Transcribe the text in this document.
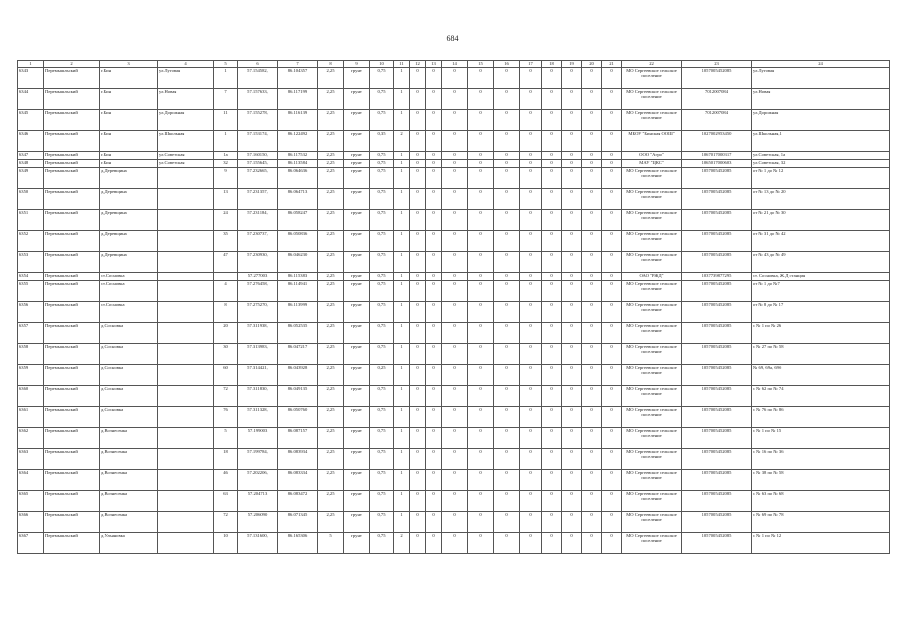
684
1	2	3	4	5	6	7	8	9	10	11	12	13	14	15	16	17	18	19	20	21	22	23	24
6343	Перемышльский	г.Бин	ул.Луговая	1	57.154582,	86.104357	2,25	грунт	0,75	1	0	0	0	0	0	0	0	0	0	0	МО Сергеевское сельское поселение	1057005452085	ул.Луговая
6344	Перемышльский	г.Бин	ул.Новая	7	57.157633,	86.117199	2,25	грунт	0,75	1	0	0	0	0	0	0	0	0	0	0	МО Сергеевское сельское поселение	7012007084	ул.Новая
6345	Перемышльский	г.Бин	ул.Дорожная	11	57.155278,	86.116139	2,25	грунт	0,75	1	0	0	0	0	0	0	0	0	0	0	МО Сергеевское сельское поселение	7012007084	ул.Дорожная
6346	Перемышльский	г.Бин	ул.Школьная	1	57.153174,	86.122492	2,25	грунт	0,35	2	0	0	0	0	0	0	0	0	0	0	МБОУ "Бинская ООШ"	1027002953450	ул.Школьная,1
6347	Перемышльский	г.Бин	ул.Советская	1а	57.160150,	86.117532	2,25	грунт	0,75	1	0	0	0	0	0	0	0	0	0	0	ООО "Агро"	1067017000317	ул.Советская, 1а
6348	Перемышльский	г.Бин	ул.Советская	32	57.155645,	86.113584	2,25	грунт	0,75	1	0	0	0	0	0	0	0	0	0	0	МАУ "ЦКС"	1065017000603	ул.Советская, 32
6349	Перемышльский	д.Деревщина		9	57.232665,	86.064636	2,25	грунт	0,75	1	0	0	0	0	0	0	0	0	0	0	МО Сергеевское сельское поселение	1057005452085	от № 1 до № 12
6350	Перемышльский	д.Деревщина		13	57.231357,	86.064713	2,25	грунт	0,75	1	0	0	0	0	0	0	0	0	0	0	МО Сергеевское сельское поселение	1057005452085	от № 13 до № 20
6351	Перемышльский	д.Деревщина		24	57.231184,	86.058247	2,25	грунт	0,75	1	0	0	0	0	0	0	0	0	0	0	МО Сергеевское сельское поселение	1057005452085	от № 21 до № 30
6352	Перемышльский	д.Деревщина		35	57.230737,	86.050836	2,25	грунт	0,75	1	0	0	0	0	0	0	0	0	0	0	МО Сергеевское сельское поселение	1057005452085	от № 31 до № 42
6353	Перемышльский	д.Деревщина		47	57.230930,	86.046230	2,25	грунт	0,75	1	0	0	0	0	0	0	0	0	0	0	МО Сергеевское сельское поселение	1057005452085	от № 43 до № 49
6354	Перемышльский	ст.Сосновка			57.277003	86.115383	2,25	грунт	0,75	1	0	0	0	0	0	0	0	0	0	0	ОАО "РЖД"	1037739877295	ст. Сосновка, Ж.Д станция
6355	Перемышльский	ст.Сосновка		4	57.276458,	86.114941	2,25	грунт	0,75	1	0	0	0	0	0	0	0	0	0	0	МО Сергеевское сельское поселение	1057005452085	от № 1 до №7
6356	Перемышльский	ст.Сосновка		8	57.275270,	86.113999	2,25	грунт	0,75	1	0	0	0	0	0	0	0	0	0	0	МО Сергеевское сельское поселение	1057005452085	от № 8 до № 17
6357	Перемышльский	д.Сосновка		20	57.311938,	86.052535	2,25	грунт	0,75	1	0	0	0	0	0	0	0	0	0	0	МО Сергеевское сельское поселение	1057005452085	с № 1 по № 26
6358	Перемышльский	д.Сосновка		30	57.313983,	86.047217	2,25	грунт	0,75	1	0	0	0	0	0	0	0	0	0	0	МО Сергеевское сельское поселение	1057005452085	с № 27 по № 58
6359	Перемышльский	д.Сосновка		60	57.314421,	86.043928	2,25	грунт	0,25	1	0	0	0	0	0	0	0	0	0	0	МО Сергеевское сельское поселение	1057005452085	№ 69, 69а, 69б
6360	Перемышльский	д.Сосновка		72	57.311830,	86.049135	2,25	грунт	0,75	1	0	0	0	0	0	0	0	0	0	0	МО Сергеевское сельское поселение	1057005452085	с № 62 по № 74
6361	Перемышльский	д.Сосновка		76	57.311328,	86.050760	2,25	грунт	0,75	1	0	0	0	0	0	0	0	0	0	0	МО Сергеевское сельское поселение	1057005452085	с № 76 по № 86
6362	Перемышльский	д.Вознесенка		5	57.199003	86.087157	2,25	грунт	0,75	1	0	0	0	0	0	0	0	0	0	0	МО Сергеевское сельское поселение	1057005452085	с № 1 по № 15
6363	Перемышльский	д.Вознесенка		18	57.199784,	86.083934	2,25	грунт	0,75	1	0	0	0	0	0	0	0	0	0	0	МО Сергеевское сельское поселение	1057005452085	с № 16 по № 36
6364	Перемышльский	д.Вознесенка		46	57.202206,	86.083334	2,25	грунт	0,75	1	0	0	0	0	0	0	0	0	0	0	МО Сергеевское сельское поселение	1057005452085	с № 38 по № 58
6365	Перемышльский	д.Вознесенка		63	57.204713	86.083472	2,25	грунт	0,75	1	0	0	0	0	0	0	0	0	0	0	МО Сергеевское сельское поселение	1057005452085	с № 63 по № 68
6366	Перемышльский	д.Вознесенка		72	57.206090	86.071345	2,25	грунт	0,75	1	0	0	0	0	0	0	0	0	0	0	МО Сергеевское сельское поселение	1057005452085	с № 69 по № 78
6367	Перемышльский	д.Ульяновка		10	57.131600,	86.165306	5	грунт	0,75	2	0	0	0	0	0	0	0	0	0	0	МО Сергеевское сельское поселение	1057005452085	с № 1 по № 12
